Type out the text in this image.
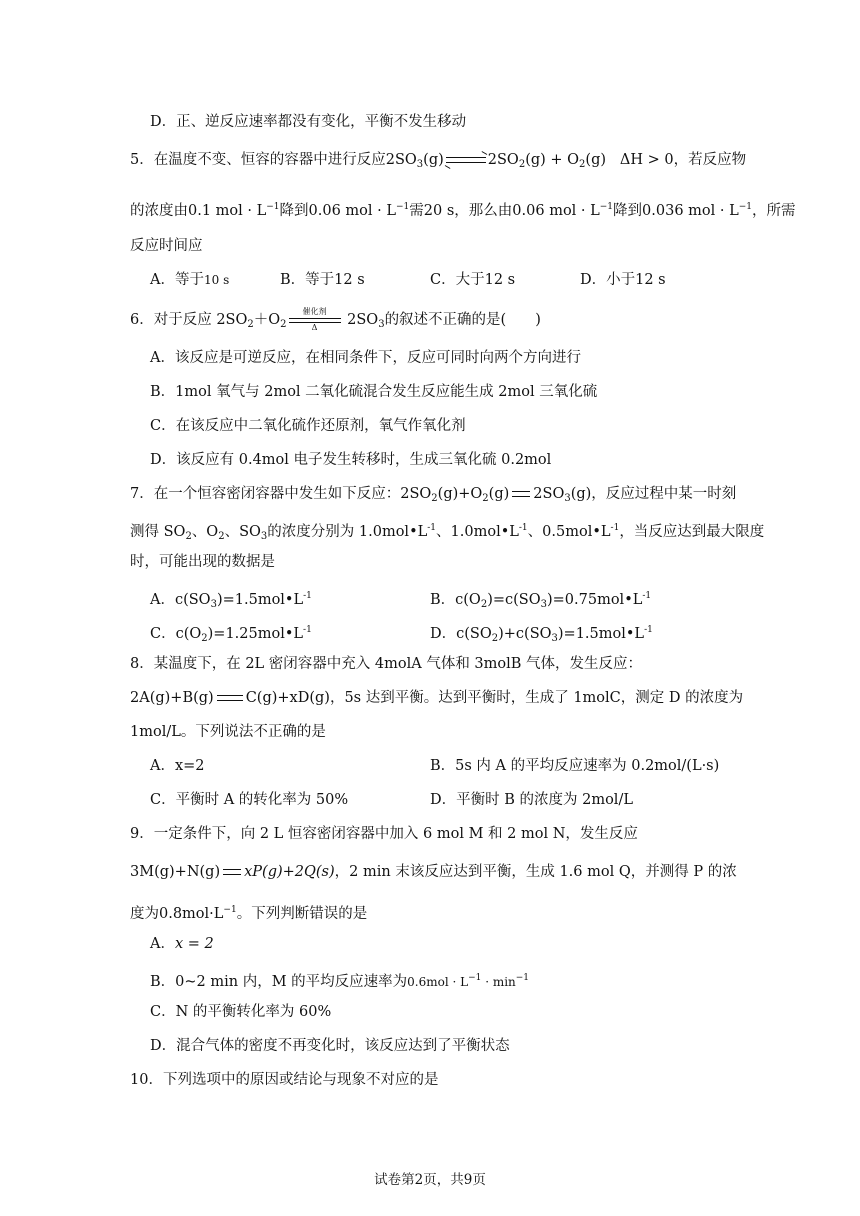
D．正、逆反应速率都没有变化，平衡不发生移动
5．在温度不变、恒容的容器中进行反应$2SO_3(g)$ ⇌ $2SO_2(g) + O_2(g) \Delta H > 0$，若反应物
的浓度由0.1 mol · $L^{-1}$降到0.06 mol · $L^{-1}$需20 s，那么由0.06 mol · $L^{-1}$降到0.036 mol · $L^{-1}$，所需
反应时间应
A．等于10 s	B．等于12 s	C．大于12 s	D．小于12 s
6．对于反应 $2SO_2+O_2$
催化剂
Δ	$2SO_3$的叙述不正确的是(　　)
A．该反应是可逆反应，在相同条件下，反应可同时向两个方向进行
B．1mol 氧气与 2mol 二氧化硫混合发生反应能生成 2mol 三氧化硫
C．在该反应中二氧化硫作还原剂，氧气作氧化剂
D．该反应有 0.4mol 电子发生转移时，生成三氧化硫 0.2mol
7．在一个恒容密闭容器中发生如下反应：$2SO_2(g)+O_2(g)$ $2SO_3(g)$，反应过程中某一时刻
测得 $SO_2$、$O_2$、$SO_3$的浓度分别为 $1.0mol•L^{-1}$、$1.0mol•L^{-1}$、$0.5mol•L^{-1}$，当反应达到最大限度
时，可能出现的数据是
A．$c(SO_3)=1.5mol•L^{-1}$	B．$c(O_2)=c(SO_3)=0.75mol•L^{-1}$
C．$c(O_2)=1.25mol•L^{-1}$	D．$c(SO_2)+c(SO_3)=1.5mol•L^{-1}$
8．某温度下，在 2L 密闭容器中充入 4molA 气体和 3molB 气体，发生反应：
2A(g)+B(g) C(g)+xD(g)，5s 达到平衡。达到平衡时，生成了 1molC，测定 D 的浓度为
1mol/L。下列说法不正确的是
A．x=2	B．5s 内 A 的平均反应速率为 0.2mol/(L·s)
C．平衡时 A 的转化率为 50%	D．平衡时 B 的浓度为 2mol/L
9．一定条件下，向 2 L 恒容密闭容器中加入 6 mol M 和 2 mol N，发生反应
3M(g)+N(g) xP(g)+2Q(s)，2 min 末该反应达到平衡，生成 1.6 mol Q，并测得 P 的浓
度为$0.8mol\cdot L^{-1}$。下列判断错误的是
A．x = 2
B．0~2 min 内，M 的平均反应速率为$0.6mol \cdot L^{-1} \cdot \min^{-1}$
C．N 的平衡转化率为 60%
D．混合气体的密度不再变化时，该反应达到了平衡状态
10．下列选项中的原因或结论与现象不对应的是
试卷第2页，共9页
